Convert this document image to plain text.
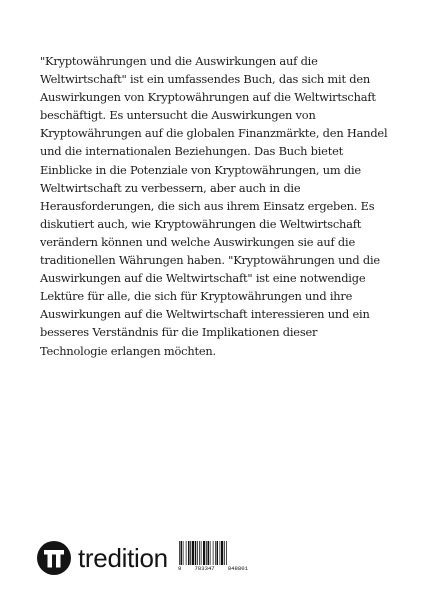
"Kryptowährungen und die Auswirkungen auf die Weltwirtschaft" ist ein umfassendes Buch, das sich mit den Auswirkungen von Kryptowährungen auf die Weltwirtschaft beschäftigt. Es untersucht die Auswirkungen von Kryptowährungen auf die globalen Finanzmärkte, den Handel und die internationalen Beziehungen. Das Buch bietet Einblicke in die Potenziale von Kryptowährungen, um die Weltwirtschaft zu verbessern, aber auch in die Herausforderungen, die sich aus ihrem Einsatz ergeben. Es diskutiert auch, wie Kryptowährungen die Weltwirtschaft verändern können und welche Auswirkungen sie auf die traditionellen Währungen haben. "Kryptowährungen und die Auswirkungen auf die Weltwirtschaft" ist eine notwendige Lektüre für alle, die sich für Kryptowährungen und ihre Auswirkungen auf die Weltwirtschaft interessieren und ein besseres Verständnis für die Implikationen dieser Technologie erlangen möchten.

tredition 9 783347 848801
